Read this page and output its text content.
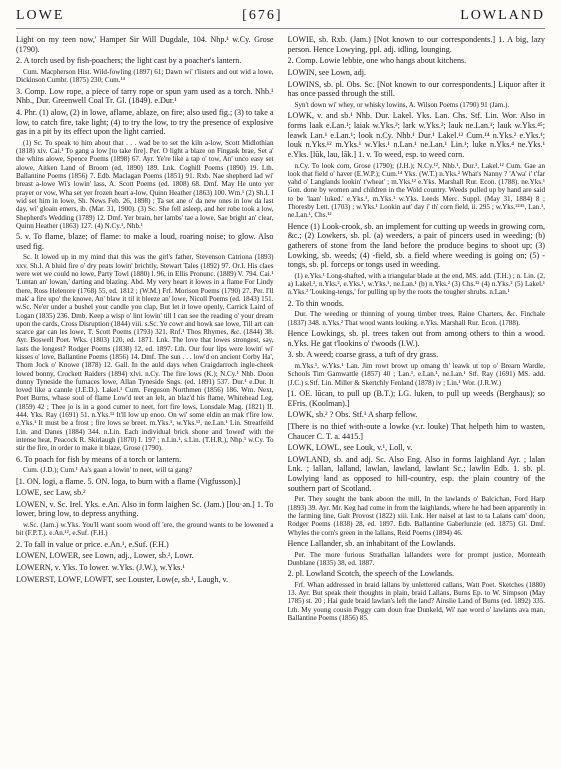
LOWE	[676]	LOWLAND

Light on my teen now,' Hamper Sir Will Dugdale, 104. Nhp.¹ w.Cy. Grose (1790).

2. A torch used by fish-poachers; the light cast by a poacher's lantern.

Cum. Macpherson Hist. Wild-fowling (1897) 61; Dawn wi' t'listers and out wid a lowe, Dickinson Cumbr. (1875) 230; Cum.¹⁴

3. Comp. Low rope, a piece of tarry rope or spun yarn used as a torch. Nhb.¹ Nhb., Dur. Greenwell Coal Tr. Gl. (1849). e.Dur.¹

4. Phr. (1) alow, (2) in lowe, aflame, ablaze, on fire; also used fig.; (3) to take a low, to catch fire, take light; (4) to try the low, to try the presence of explosive gas in a pit by its effect upon the light carried.

(1) Sc. To speak to him about that . . . wad be to set the kiln a-low, Scott Midlothian (1818) xiv. Cai.¹ To gang a low [to take fire]. Per. O light a blaze on Fingask brae, Set a' the whins alowe, Spence Poems (1898) 67. Ayr. Ye're like a tap o' tow, An' unco easy set alowe, Aitken Land of Broom (ed. 1890) 189. Lnk. Coghill Poems (1890) 19. Lth. Ballantine Poems (1856) 7. Edb. Maclagan Poems (1851) 91. Rxb. Nae shepherd lad wi' breast a-lowe Wi's lowin' lass, A. Scott Poems (ed. 1808) 68. Dmf. May He unto yer prayer or vow, Wha set yer frozen heart a-low, Quinn Heather (1863) 100. Wm.¹ (2) Sh.I. I wid set him in lowe, Sh. News Feb. 26, 1898) ; Ta set ane o' da new ones in low da last day, wi' gloain emers, ib. (Mar. 31, 1900). (3) Sc. She fell asleep, and her robe took a low, Shepherd's Wedding (1789) 12. Dmf. Yer brain, her lambs' tae a lowe, Sae bright an' clear, Quinn Heather (1863) 127. (4) N.Cy.¹, Nhb.¹

5. v. To flame, blaze; of flame: to make a loud, roaring noise; to glow. Also used fig.

Sc. It lowed up in my mind that this was the girl's father, Stevenson Catriona (1893) xxv. Sh.I. A bluid fire o' dry peats lowin' brichtly, Stewart Tales (1892) 97. Or.I. His claes were wet we could no lowe, Party Towl (1880) l. 96, in Ellis Pronunc. (1889) V. 794. Cai.¹ 'Luntan an' lowan,' darting and blazing. Abd. My very heart it lowes in a flame For Lindy there, Ross Helenore (1768) 55, ed. 1812 ; (W.M.) Frf. Morison Poems (1790) 27. Per. I'll mak' a fire upo' the knowe, An' blaw it til it bleeze an' lowe, Nicoll Poems (ed. 1843) 151. w.Sc. Ne'er under a bushel your candle you clap, But let it lowe openly, Carrick Laird of Logan (1835) 236. Dmb. Keep a wisp o' lint lowin' till I can see the reading o' your dream upon the cards, Cross Disruption (1844) viii. s.Sc. Ye cowr and howk sae lowe, Till art can scarce gar can les lowe, T. Scott Poems (1793) 321. Rnf.¹ Thos Rhymes, &c. (1844) 38. Ayr. Boswell Poet. Wks. (1803) 120, ed. 1871. Lnk. The love that lowes strongest, say, lasts the longest? Rodger Poems (1838) 12, ed. 1897. Lth. Our four lips were lowin' wi' kisses o' love, Ballantine Poems (1856) 14. Dmf. The sun . . . low'd on ancient Corby Ha', Thom Jock o' Knowe (1878) 12. Gall. In the auld days when Craigdarroch ingle-cheek lowed bonny, Crockett Raiders (1894) xlvi. n.Cy. The fire lows (K.); N.Cy.¹ Nhb. Doon dunny Tyneside the furnaces lowe, Allan Tyneside Sngs. (ed. 1891) 537. Dur.¹ e.Dur. It loved like a cannle (J.E.D.). Lakel.¹ Cum. Ferguson Northmen (1856) 186. Wm. Next, Poet Burns, whase soul of flame Low'd teet an lelt, an blaz'd his flame, Whitehead Leg. (1859) 42 ; Thee jo is in a good cumer to neet, fort fire lows, Lonsdale Mag. (1821) II. 444. Yks. Ray (1691) 51. n.Yks.¹² It'll low up enoo. On wi' some eldin an mak t'fire low. e.Yks.¹ It must be a frost ; fire lows se breet. m.Yks.¹, w.Yks.¹³, ne.Lan.¹ Lin. Streatfeild Lin. and Danes (1884) 344. n.Lin. Each individual brick shone and 'lowed' with the intense heat, Peacock R. Skirlaugh (1870) I. 197 ; n.Lin.¹, s.Lin. (T.H.R.), Nhp.¹ w.Cy. To stir the fire, in order to make it blaze, Grose (1790).

6. To poach for fish by means of a torch or lantern.

Cum. (J.D.); Cum.¹ Aa's gaan a lowin' to neet, will ta gang?

[1. ON. logi, a flame. 5. ON. loga, to burn with a flame (Vigfusson).]

LOWE, sec Law, sb.²

LOWEN, v. Sc. Irel. Yks. e.An. Also in form laighen Sc. (Jam.) [lou·ən.] 1. To lower, bring low, to depress anything.

w.Sc. (Jam.) w.Yks. You'll want soom wood off 'ere, the ground wants to be lowened a bit (F.P.T.). e.An.¹², e.Suf. (F.H.)

2. To fall in value or price. e.An.¹, e.Suf. (F.H.)

LOWEN, LOWER, see Lown, adj., Lower, sb.², Lowr.

LOWERN, v. Yks. To lower. w.Yks. (J.W.), w.Yks.¹

LOWERST, LOWF, LOWFT, sec Louster, Low(e, sb.¹, Laugh, v.

LOWIE, sb. Rxb. (Jam.) [Not known to our correspondents.] 1. A big, lazy person. Hence Lowying, ppl. adj. idling, lounging.

2. Comp. Lowie lebbie, one who hangs about kitchens.

LOWIN, see Lown, adj.

LOWINS, sb. pl. Obs. Sc. [Not known to our correspondents.] Liquor after it has once passed through the still.

Syn't down wi' whey, or whisky lowins, A. Wilson Poems (1790) 91 (Jam.).

LOWK, v. and sb.¹ Nhb. Dur. Lakel. Yks. Lan. Chs. Stf. Lin. Wor. Also in forms laak e.Lan.¹; laiak w.Yks.²; lark w.Yks.²; lauk ne.Lan.¹; lauk w.Yks.⁴⁵; leawk Lan.¹ e.Lan.¹; look n.Cy. Nhb.¹ Dur.¹ Lakel.¹² Cum.¹⁴ n.Yks.² e.Yks.¹; louk n.Yks.¹² m.Yks.¹ w.Yks.¹ n.Lan.¹ ne.Lan.¹ Lin.¹; luke n.Yks.⁴ ne.Yks.¹ e.Yks. [lūk, lau, lāk.] 1. v. To weed, esp. to weed corn.

n.Cy. To look corn, Grose (1790); (J.H.); N.Cy.¹², Nhb.¹, Dur.¹, Lakel.¹² Cum. Gae an look that field o' haver (E.W.P.); Cum.¹⁴ Yks. (W.T.) n.Yks.² What's Nanny ? 'A'wa' i' t'far yahd o' Langlands lookin' t'wheat' ; m.Yks.¹² e.Yks. Marshall Rur. Econ. (1788). ne.Yks.¹ Gon. done by women and children in the Wold country. Weeds pulled up by hand are said to be 'laan' luked.' e.Yks.¹, m.Yks.¹ w.Yks. Leeds Merc. Suppl. (May 31, 1884) 8 ; Thoresby Lett. (1703) ; w.Yks.¹ Lookin aut' day i' th' corn field, ii. 295 ; w.Yks.²²⁴⁵, Lan.¹, ne.Lan.¹, Chs.¹²

Hence (1) Look-crook, sb. an implement for cutting up weeds in growing corn, &c.; (2) Lowkers, sb. pl. (a) weeders, a pair of pincers used in weeding; (b) gatherers of stone from the land before the produce begins to shoot up; (3) Lowking, sb. weeds; (4) -field, sb. a field where weeding is going on; (5) -tongs, sb. pl. forceps or tongs used in weeding.

(1) e.Yks.¹ Long-shafted, with a triangular blade at the end, MS. add. (T.H.) ; n. Lin. (2, a) Lakel.², n.Yks.², e.Yks.¹, w.Yks.¹, ne.Lan.¹ (b) n.Yks.² (3) Chs.¹² (4) n.Yks.² (5) Lakel.¹ n.Yks.² 'Louking-tengs,' for pulling up by the roots the tougher shrubs. n.Lan.¹

2. To thin woods.

Dur. The weeding or thinning of young timber trees, Raine Charters, &c. Finchale (1837) 348. n.Yks.² That wood wants louking. e.Yks. Marshall Rur. Econ. (1788).

Hence Lowkings, sb. pl. trees taken out from among others to thin a wood. n.Yks. He gat t'lookins o' t'woods (I.W.).

3. sb. A weed; coarse grass, a tuft of dry grass.

m.Yks.¹, w.Yks.¹ Lan. Jim rowt browt up omang th' leawk ut top o' Brearn Wardle, Schools Tim Gamwattle (1857) 40 ; Lan.¹, e.Lan.¹, ne.Lan.¹ Stf. Ray (1691) MS. add. (J.C.) s.Stf. Lin. Miller & Skertchly Fenland (1878) iv ; Lin.¹ Wor. (J.R.W.)

[1. OE. lūcan, to pull up (B.T.); LG. luken, to pull up weeds (Berghaus); so EFris. (Koolman).]

LOWK, sb.² ? Obs. Stf.¹ A sharp fellow.

[There is no thief with-oute a lowke (v.r. louke) That helpeth him to wasten, Chaucer C. T. a. 4415.]

LOWK, LOWL, see Louk, v.¹, Loll, v.

LOWLAND, sb. and adj. Sc. Also Eng. Also in forms laighland Ayr. ; lalan Lnk. ; lallan, lalland, lawlan, lawland, lawlant Sc.; lawlin Edb. 1. sb. pl. Lowlying land as opposed to hill-country, esp. the plain country of the southern part of Scotland.

Per. They sought the bank aboon the mill, In the lawlands o' Balcichan, Ford Harp (1893) 39. Ayr. Mr. Keg had come in from the laighlands, where he had been apparently in the farming line, Galt Provost (1822) xiii. Lnk. Her naisel at last to ta Lalans cam' doon, Rodger Poems (1838) 28, ed. 1897. Edb. Ballantine Gaberlunzie (ed. 1875) Gl. Dmf. Whyles the corn's green in the lallans, Reid Poems (1894) 46.

Hence Lallander, sb. an inhabitant of the Lowlands.

Per. The more furious Strathallan lallanders were for prompt justice, Monteath Dunblane (1835) 38, ed. 1887.

2. pl. Lowland Scotch, the speech of the Lowlands.

Frf. Whan addressed in braid lallans by unlettered callans, Watt Poet. Sketches (1880) 13. Ayr. But speak their thoughts in plain, braid Lallans, Burns Ep. to W. Simpson (May 1785) st. 20 ; Hai gude braid lawlan's left the land? Ainslie Land of Burns (ed. 1892) 335. Lth. My young cousin Peggy cam doun frae Dunkeld, Wi' nae word o' lawlants ava man, Ballantine Poems (1856) 85.
